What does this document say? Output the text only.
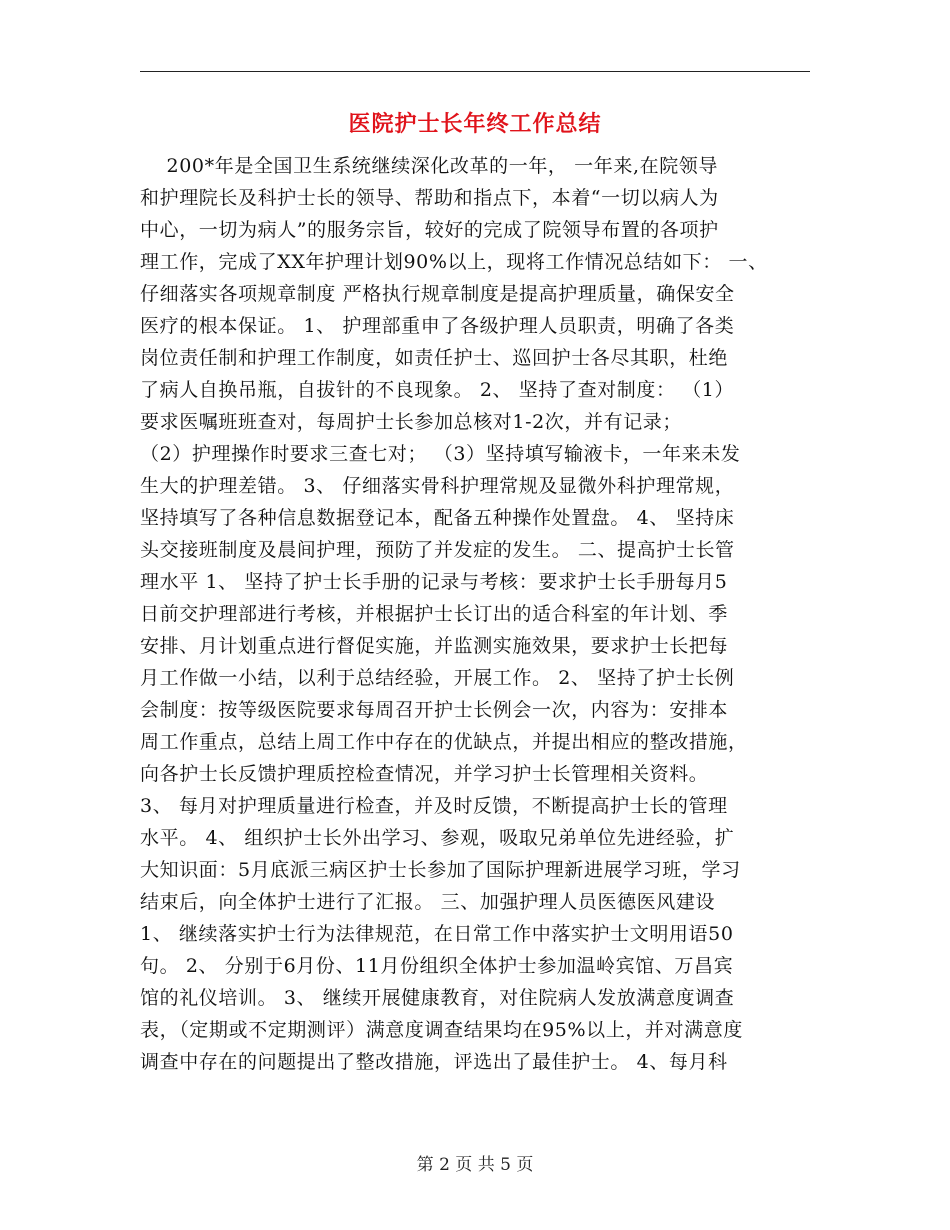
医院护士长年终工作总结
200*年是全国卫生系统继续深化改革的一年， 一年来,在院领导
和护理院长及科护士长的领导、帮助和指点下，本着“一切以病人为
中心，一切为病人”的服务宗旨，较好的完成了院领导布置的各项护
理工作，完成了XX年护理计划90%以上，现将工作情况总结如下： 一、
仔细落实各项规章制度 严格执行规章制度是提高护理质量，确保安全
医疗的根本保证。 1、 护理部重申了各级护理人员职责，明确了各类
岗位责任制和护理工作制度，如责任护士、巡回护士各尽其职，杜绝
了病人自换吊瓶，自拔针的不良现象。 2、 坚持了查对制度： （1）
要求医嘱班班查对，每周护士长参加总核对1-2次，并有记录；
（2）护理操作时要求三查七对； （3）坚持填写输液卡，一年来未发
生大的护理差错。 3、 仔细落实骨科护理常规及显微外科护理常规，
坚持填写了各种信息数据登记本，配备五种操作处置盘。 4、 坚持床
头交接班制度及晨间护理，预防了并发症的发生。 二、提高护士长管
理水平 1、 坚持了护士长手册的记录与考核：要求护士长手册每月5
日前交护理部进行考核，并根据护士长订出的适合科室的年计划、季
安排、月计划重点进行督促实施，并监测实施效果，要求护士长把每
月工作做一小结，以利于总结经验，开展工作。 2、 坚持了护士长例
会制度：按等级医院要求每周召开护士长例会一次，内容为：安排本
周工作重点，总结上周工作中存在的优缺点，并提出相应的整改措施，
向各护士长反馈护理质控检查情况，并学习护士长管理相关资料。
3、 每月对护理质量进行检查，并及时反馈，不断提高护士长的管理
水平。 4、 组织护士长外出学习、参观，吸取兄弟单位先进经验，扩
大知识面：5月底派三病区护士长参加了国际护理新进展学习班，学习
结束后，向全体护士进行了汇报。 三、加强护理人员医德医风建设
1、 继续落实护士行为法律规范，在日常工作中落实护士文明用语50
句。 2、 分别于6月份、11月份组织全体护士参加温岭宾馆、万昌宾
馆的礼仪培训。 3、 继续开展健康教育，对住院病人发放满意度调查
表，（定期或不定期测评）满意度调查结果均在95%以上，并对满意度
调查中存在的问题提出了整改措施，评选出了最佳护士。 4、每月科
第 2 页 共 5 页
